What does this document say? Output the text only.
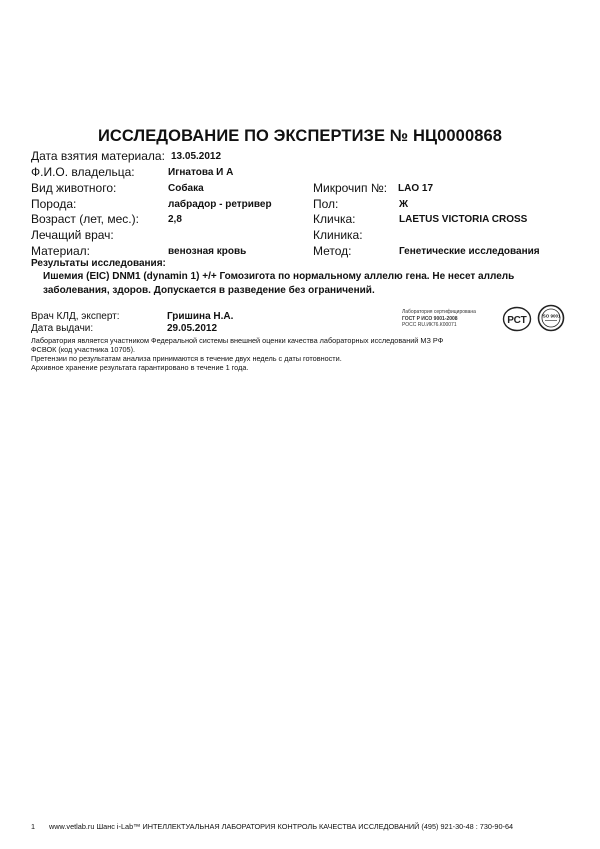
ИССЛЕДОВАНИЕ ПО ЭКСПЕРТИЗЕ № НЦ0000868
Дата взятия материала: 13.05.2012
Ф.И.О. владельца:	Игнатова И А
Вид животного:	Собака
Порода:	лабрадор - ретривер
Возраст (лет, мес.):	2,8
Лечащий врач:
Материал:	венозная кровь
Микрочип №: LAO 17
Пол:	Ж
Кличка:	LAETUS VICTORIA CROSS
Клиника:
Метод:	Генетические исследования
Результаты исследования:
Ишемия (EIC) DNM1 (dynamin 1) +/+ Гомозигота по нормальному аллелю гена. Не несет аллель
заболевания, здоров. Допускается в разведение без ограничений.
Врач КЛД, эксперт:	Гришина Н.А.
Дата выдачи:	29.05.2012
Лаборатория сертифицирована
ГОСТ Р ИСО 9001-2008
РОСС RU.ИК76.К00071	РСТ	ISO 9001
Лаборатория является участником Федеральной системы внешней оценки качества лабораторных исследований МЗ РФ
ФСВОК (код участника 10705).
Претензии по результатам анализа принимаются в течение двух недель с даты готовности.
Архивное хранение результата гарантировано в течение 1 года.
1 www.vetlab.ru Шанс i-Lab™ ИНТЕЛЛЕКТУАЛЬНАЯ ЛАБОРАТОРИЯ КОНТРОЛЬ КАЧЕСТВА ИССЛЕДОВАНИЙ (495) 921-30-48 : 730-90-64
